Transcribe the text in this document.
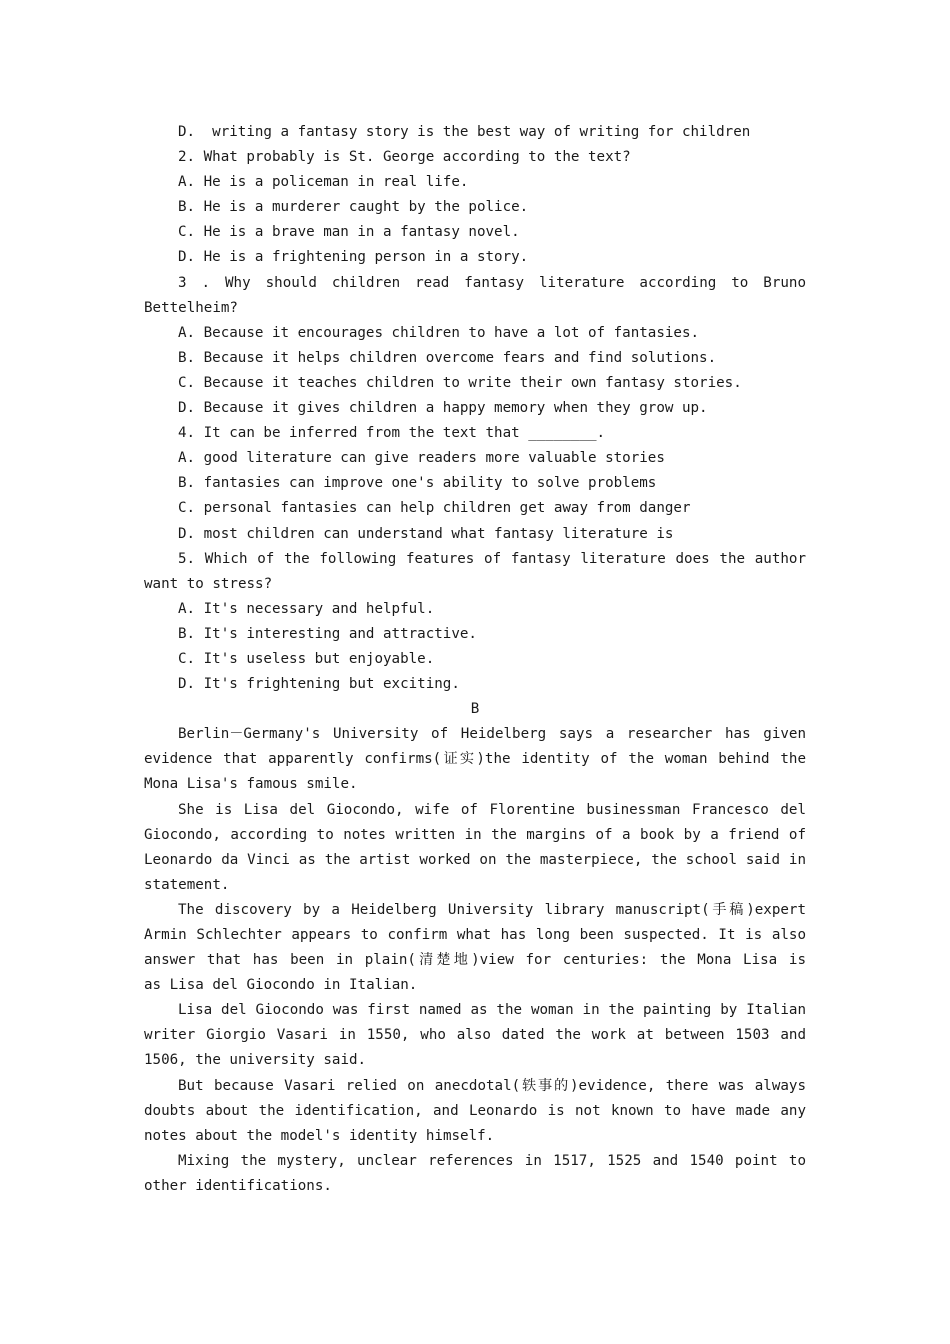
D.  writing a fantasy story is the best way of writing for children
2. What probably is St. George according to the text?
A. He is a policeman in real life.
B. He is a murderer caught by the police.
C. He is a brave man in a fantasy novel.
D. He is a frightening person in a story.
3 . Why should children read fantasy literature according to Bruno
Bettelheim?
A. Because it encourages children to have a lot of fantasies.
B. Because it helps children overcome fears and find solutions.
C. Because it teaches children to write their own fantasy stories.
D. Because it gives children a happy memory when they grow up.
4. It can be inferred from the text that ________.
A. good literature can give readers more valuable stories
B. fantasies can improve one's ability to solve problems
C. personal fantasies can help children get away from danger
D. most children can understand what fantasy literature is
5. Which of the following features of fantasy literature does the author
want to stress?
A. It's necessary and helpful.
B. It's interesting and attractive.
C. It's useless but enjoyable.
D. It's frightening but exciting.
B
Berlin－Germany's University of Heidelberg says a researcher has given
evidence that apparently confirms(证实)the identity of the woman behind the
Mona Lisa's famous smile.
She is Lisa del Giocondo, wife of Florentine businessman Francesco del
Giocondo, according to notes written in the margins of a book by a friend of
Leonardo da Vinci as the artist worked on the masterpiece, the school said in
statement.
The discovery by a Heidelberg University library manuscript(手稿)expert
Armin Schlechter appears to confirm what has long been suspected. It is also
answer that has been in plain(清楚地)view for centuries: the Mona Lisa is
as Lisa del Giocondo in Italian.
Lisa del Giocondo was first named as the woman in the painting by Italian
writer Giorgio Vasari in 1550, who also dated the work at between 1503 and
1506, the university said.
But because Vasari relied on anecdotal(轶事的)evidence, there was always
doubts about the identification, and Leonardo is not known to have made any
notes about the model's identity himself.
Mixing the mystery, unclear references in 1517, 1525 and 1540 point to
other identifications.
